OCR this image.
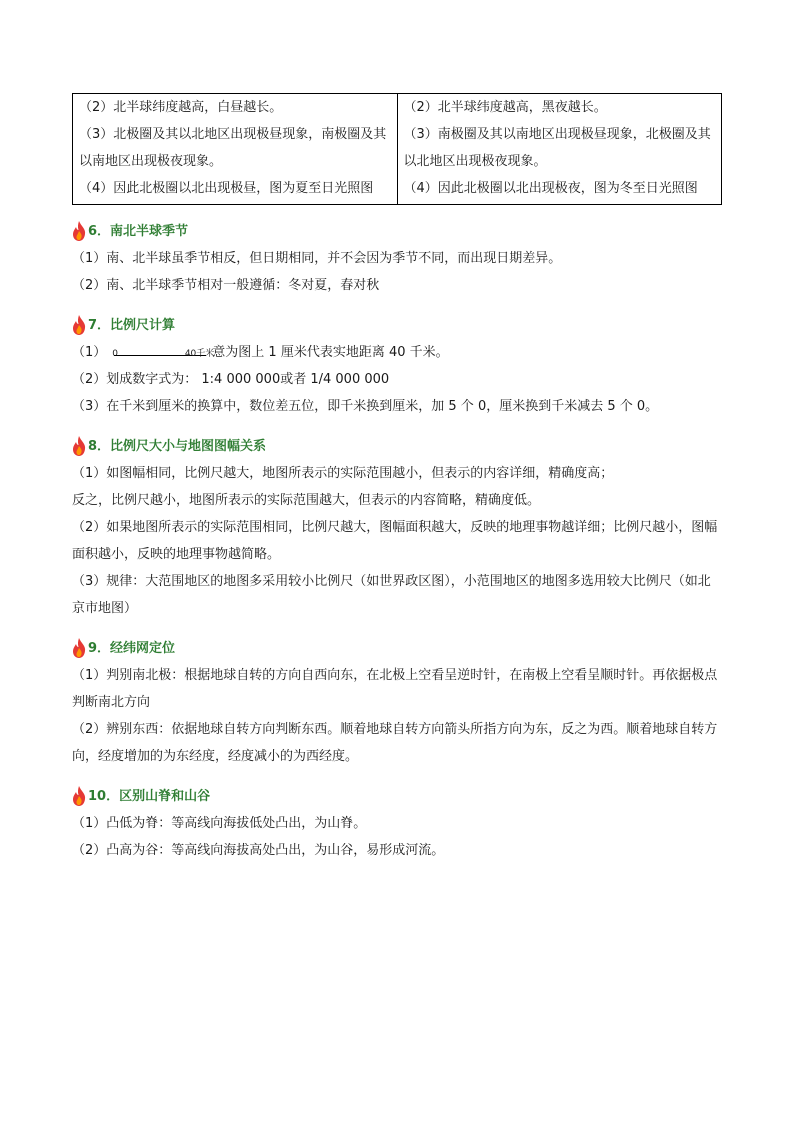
（2）北半球纬度越高，白昼越长。
（3）北极圈及其以北地区出现极昼现象，南极圈及其以南地区出现极夜现象。
（4）因此北极圈以北出现极昼，图为夏至日光照图

（2）北半球纬度越高，黑夜越长。
（3）南极圈及其以南地区出现极昼现象，北极圈及其以北地区出现极夜现象。
（4）因此北极圈以北出现极夜，图为冬至日光照图
6．南北半球季节

（1）南、北半球虽季节相反，但日期相同，并不会因为季节不同，而出现日期差异。

（2）南、北半球季节相对一般遵循：冬对夏，春对秋

7．比例尺计算
（1） 0	40千米
意为图上 1 厘米代表实地距离 40 千米。

（2）划成数字式为： 1:4 000 000或者 1/4 000 000

（3）在千米到厘米的换算中，数位差五位，即千米换到厘米，加 5 个 0，厘米换到千米减去 5 个 0。

8．比例尺大小与地图图幅关系

（1）如图幅相同，比例尺越大，地图所表示的实际范围越小，但表示的内容详细，精确度高；

反之，比例尺越小，地图所表示的实际范围越大，但表示的内容简略，精确度低。

（2）如果地图所表示的实际范围相同，比例尺越大，图幅面积越大，反映的地理事物越详细；比例尺越小，图幅面积越小，反映的地理事物越简略。

（3）规律：大范围地区的地图多采用较小比例尺（如世界政区图），小范围地区的地图多选用较大比例尺（如北京市地图）

9．经纬网定位

（1）判别南北极：根据地球自转的方向自西向东，在北极上空看呈逆时针，在南极上空看呈顺时针。再依据极点判断南北方向

（2）辨别东西：依据地球自转方向判断东西。顺着地球自转方向箭头所指方向为东，反之为西。顺着地球自转方向，经度增加的为东经度，经度减小的为西经度。

10．区别山脊和山谷

（1）凸低为脊：等高线向海拔低处凸出，为山脊。

（2）凸高为谷：等高线向海拔高处凸出，为山谷，易形成河流。
